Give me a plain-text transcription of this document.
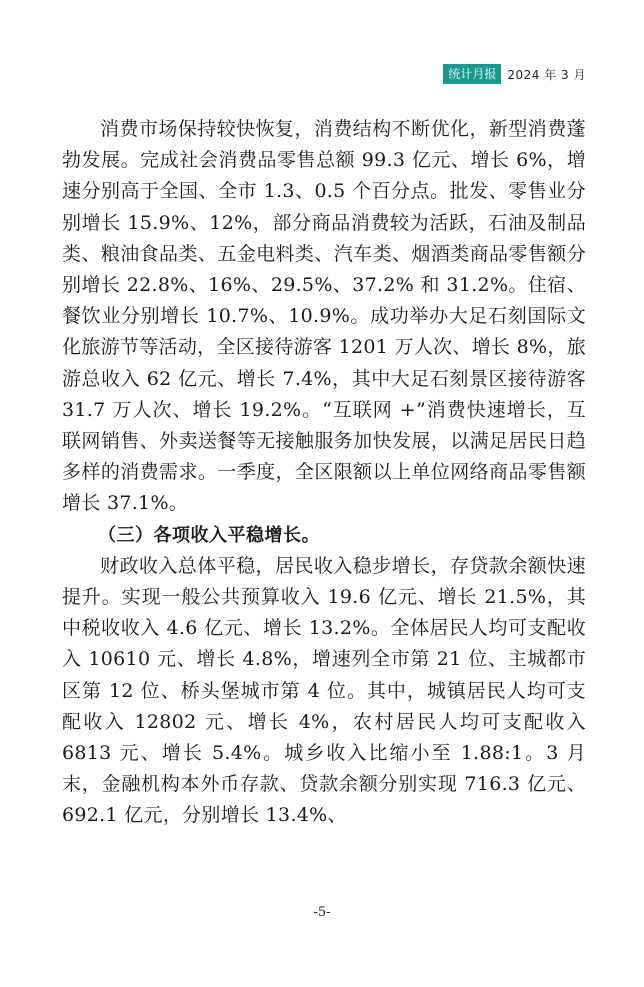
统计月报 2024 年 3 月

消费市场保持较快恢复，消费结构不断优化，新型消费蓬勃发展。完成社会消费品零售总额 99.3 亿元、增长 6%，增速分别高于全国、全市 1.3、0.5 个百分点。批发、零售业分别增长 15.9%、12%，部分商品消费较为活跃，石油及制品类、粮油食品类、五金电料类、汽车类、烟酒类商品零售额分别增长 22.8%、16%、29.5%、37.2% 和 31.2%。住宿、餐饮业分别增长 10.7%、10.9%。成功举办大足石刻国际文化旅游节等活动，全区接待游客 1201 万人次、增长 8%，旅游总收入 62 亿元、增长 7.4%，其中大足石刻景区接待游客 31.7 万人次、增长 19.2%。“互联网 +”消费快速增长，互联网销售、外卖送餐等无接触服务加快发展，以满足居民日趋多样的消费需求。一季度，全区限额以上单位网络商品零售额增长 37.1%。

（三）各项收入平稳增长。

财政收入总体平稳，居民收入稳步增长，存贷款余额快速提升。实现一般公共预算收入 19.6 亿元、增长 21.5%，其中税收收入 4.6 亿元、增长 13.2%。全体居民人均可支配收入 10610 元、增长 4.8%，增速列全市第 21 位、主城都市区第 12 位、桥头堡城市第 4 位。其中，城镇居民人均可支配收入 12802 元、增长 4%，农村居民人均可支配收入 6813 元、增长 5.4%。城乡收入比缩小至 1.88:1。3 月末，金融机构本外币存款、贷款余额分别实现 716.3 亿元、692.1 亿元，分别增长 13.4%、

-5-
